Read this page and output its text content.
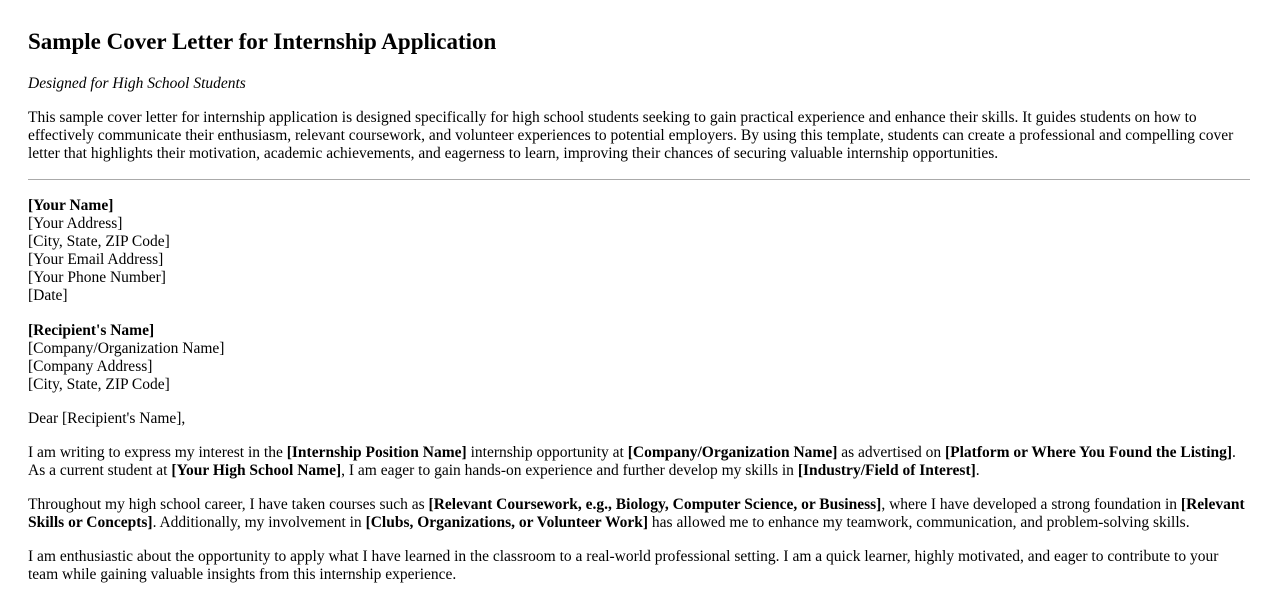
Sample Cover Letter for Internship Application

Designed for High School Students

This sample cover letter for internship application is designed specifically for high school students seeking to gain practical experience and enhance their skills. It guides students on how to effectively communicate their enthusiasm, relevant coursework, and volunteer experiences to potential employers. By using this template, students can create a professional and compelling cover letter that highlights their motivation, academic achievements, and eagerness to learn, improving their chances of securing valuable internship opportunities.

[Your Name]
[Your Address]
[City, State, ZIP Code]
[Your Email Address]
[Your Phone Number]
[Date]
[Recipient's Name]
[Company/Organization Name]
[Company Address]
[City, State, ZIP Code]

Dear [Recipient's Name],

I am writing to express my interest in the [Internship Position Name] internship opportunity at [Company/Organization Name] as advertised on [Platform or Where You Found the Listing]. As a current student at [Your High School Name], I am eager to gain hands-on experience and further develop my skills in [Industry/Field of Interest].

Throughout my high school career, I have taken courses such as [Relevant Coursework, e.g., Biology, Computer Science, or Business], where I have developed a strong foundation in [Relevant Skills or Concepts]. Additionally, my involvement in [Clubs, Organizations, or Volunteer Work] has allowed me to enhance my teamwork, communication, and problem-solving skills.

I am enthusiastic about the opportunity to apply what I have learned in the classroom to a real-world professional setting. I am a quick learner, highly motivated, and eager to contribute to your team while gaining valuable insights from this internship experience.
